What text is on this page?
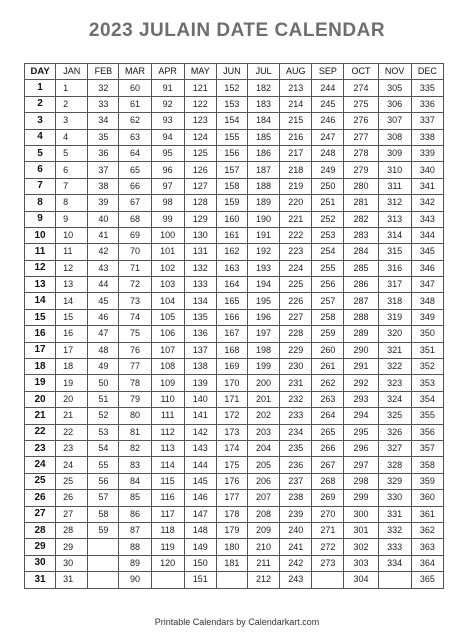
2023 JULAIN DATE CALENDAR
DAY	JAN	FEB	MAR	APR	MAY	JUN	JUL	AUG	SEP	OCT	NOV	DEC
1	1	32	60	91	121	152	182	213	244	274	305	335
2	2	33	61	92	122	153	183	214	245	275	306	336
3	3	34	62	93	123	154	184	215	246	276	307	337
4	4	35	63	94	124	155	185	216	247	277	308	338
5	5	36	64	95	125	156	186	217	248	278	309	339
6	6	37	65	96	126	157	187	218	249	279	310	340
7	7	38	66	97	127	158	188	219	250	280	311	341
8	8	39	67	98	128	159	189	220	251	281	312	342
9	9	40	68	99	129	160	190	221	252	282	313	343
10	10	41	69	100	130	161	191	222	253	283	314	344
11	11	42	70	101	131	162	192	223	254	284	315	345
12	12	43	71	102	132	163	193	224	255	285	316	346
13	13	44	72	103	133	164	194	225	256	286	317	347
14	14	45	73	104	134	165	195	226	257	287	318	348
15	15	46	74	105	135	166	196	227	258	288	319	349
16	16	47	75	106	136	167	197	228	259	289	320	350
17	17	48	76	107	137	168	198	229	260	290	321	351
18	18	49	77	108	138	169	199	230	261	291	322	352
19	19	50	78	109	139	170	200	231	262	292	323	353
20	20	51	79	110	140	171	201	232	263	293	324	354
21	21	52	80	111	141	172	202	233	264	294	325	355
22	22	53	81	112	142	173	203	234	265	295	326	356
23	23	54	82	113	143	174	204	235	266	296	327	357
24	24	55	83	114	144	175	205	236	267	297	328	358
25	25	56	84	115	145	176	206	237	268	298	329	359
26	26	57	85	116	146	177	207	238	269	299	330	360
27	27	58	86	117	147	178	208	239	270	300	331	361
28	28	59	87	118	148	179	209	240	271	301	332	362
29	29		88	119	149	180	210	241	272	302	333	363
30	30		89	120	150	181	211	242	273	303	334	364
31	31		90		151		212	243		304		365
Printable Calendars by Calendarkart.com
